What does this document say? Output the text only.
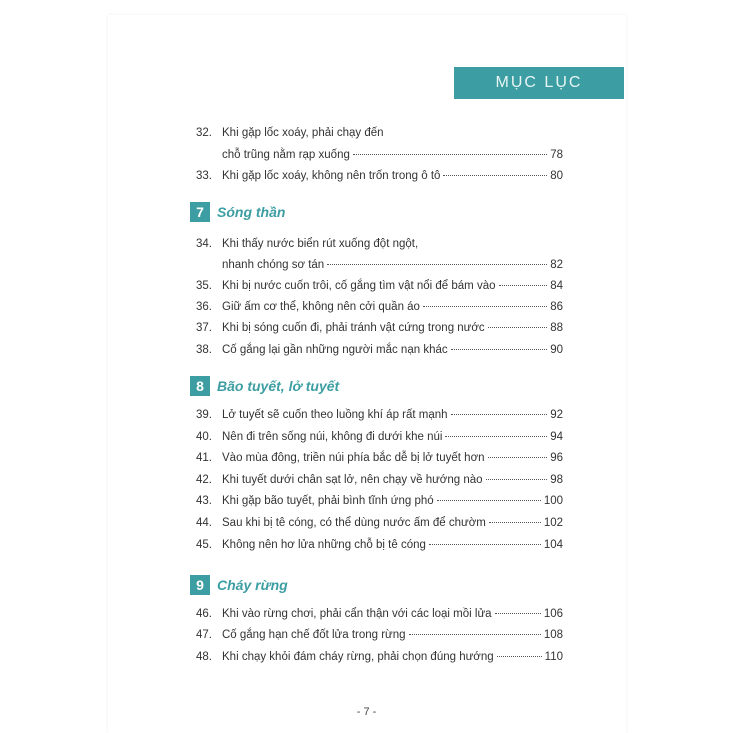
MỤC LỤC
32. Khi gặp lốc xoáy, phải chạy đến
chỗ trũng nằm rạp xuống	78
33. Khi gặp lốc xoáy, không nên trốn trong ô tô	80
7 Sóng thần
34. Khi thấy nước biển rút xuống đột ngột,
nhanh chóng sơ tán	82
35. Khi bị nước cuốn trôi, cố gắng tìm vật nổi để bám vào	84
36. Giữ ấm cơ thể, không nên cởi quần áo	86
37. Khi bị sóng cuốn đi, phải tránh vật cứng trong nước	88
38. Cố gắng lại gần những người mắc nạn khác	90
8 Bão tuyết, lở tuyết
39. Lở tuyết sẽ cuốn theo luồng khí áp rất mạnh	92
40. Nên đi trên sống núi, không đi dưới khe núi	94
41. Vào mùa đông, triền núi phía bắc dễ bị lở tuyết hơn	96
42. Khi tuyết dưới chân sạt lở, nên chạy về hướng nào	98
43. Khi gặp bão tuyết, phải bình tĩnh ứng phó	100
44. Sau khi bị tê cóng, có thể dùng nước ấm để chườm	102
45. Không nên hơ lửa những chỗ bị tê cóng	104
9 Cháy rừng
46. Khi vào rừng chơi, phải cẩn thận với các loại mồi lửa	106
47. Cố gắng hạn chế đốt lửa trong rừng	108
48. Khi chạy khỏi đám cháy rừng, phải chọn đúng hướng	110
- 7 -
